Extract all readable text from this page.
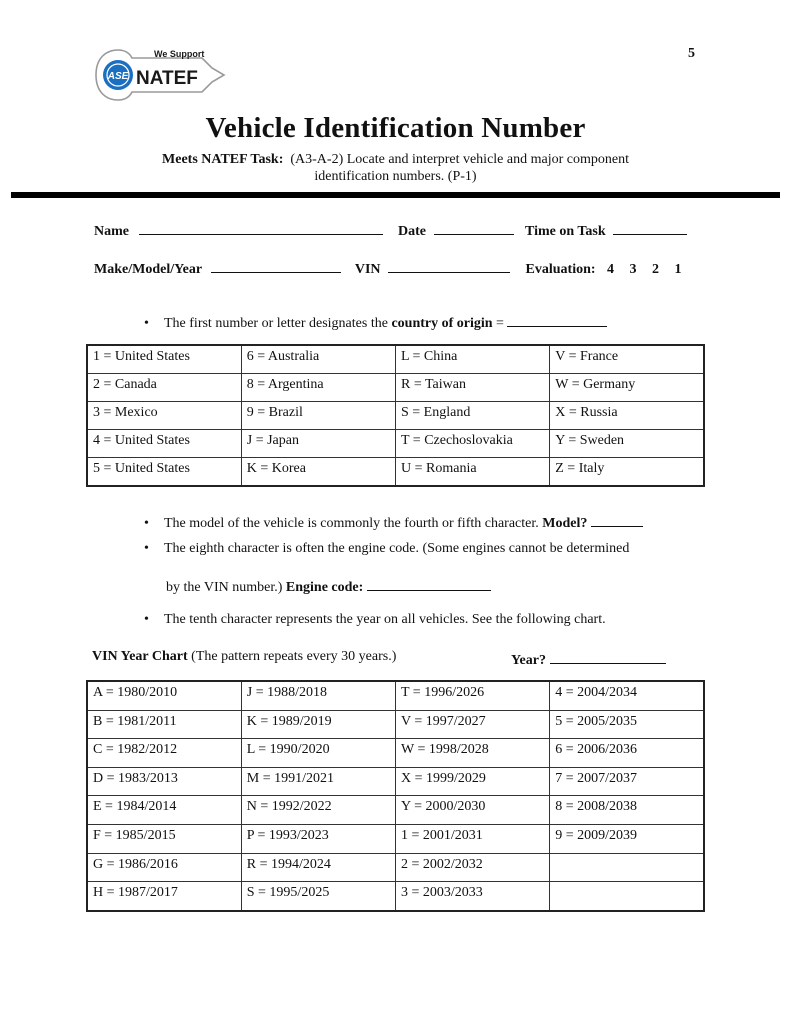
ASE
We Support
NATEF
5
Vehicle Identification Number
Meets NATEF Task: (A3-A-2) Locate and interpret vehicle and major component
identification numbers. (P-1)
Name	Date	Time on Task
Make/Model/Year	VIN	Evaluation: 4 3 2 1
• The first number or letter designates the country of origin =
1 = United States	6 = Australia	L = China	V = France
2 = Canada	8 = Argentina	R = Taiwan	W = Germany
3 = Mexico	9 = Brazil	S = England	X = Russia
4 = United States	J = Japan	T = Czechoslovakia	Y = Sweden
5 = United States	K = Korea	U = Romania	Z = Italy
• The model of the vehicle is commonly the fourth or fifth character. Model?
• The eighth character is often the engine code. (Some engines cannot be determined
by the VIN number.) Engine code:
• The tenth character represents the year on all vehicles. See the following chart.
VIN Year Chart (The pattern repeats every 30 years.)	Year?
A = 1980/2010	J = 1988/2018	T = 1996/2026	4 = 2004/2034
B = 1981/2011	K = 1989/2019	V = 1997/2027	5 = 2005/2035
C = 1982/2012	L = 1990/2020	W = 1998/2028	6 = 2006/2036
D = 1983/2013	M = 1991/2021	X = 1999/2029	7 = 2007/2037
E = 1984/2014	N = 1992/2022	Y = 2000/2030	8 = 2008/2038
F = 1985/2015	P = 1993/2023	1 = 2001/2031	9 = 2009/2039
G = 1986/2016	R = 1994/2024	2 = 2002/2032	
H = 1987/2017	S = 1995/2025	3 = 2003/2033	
